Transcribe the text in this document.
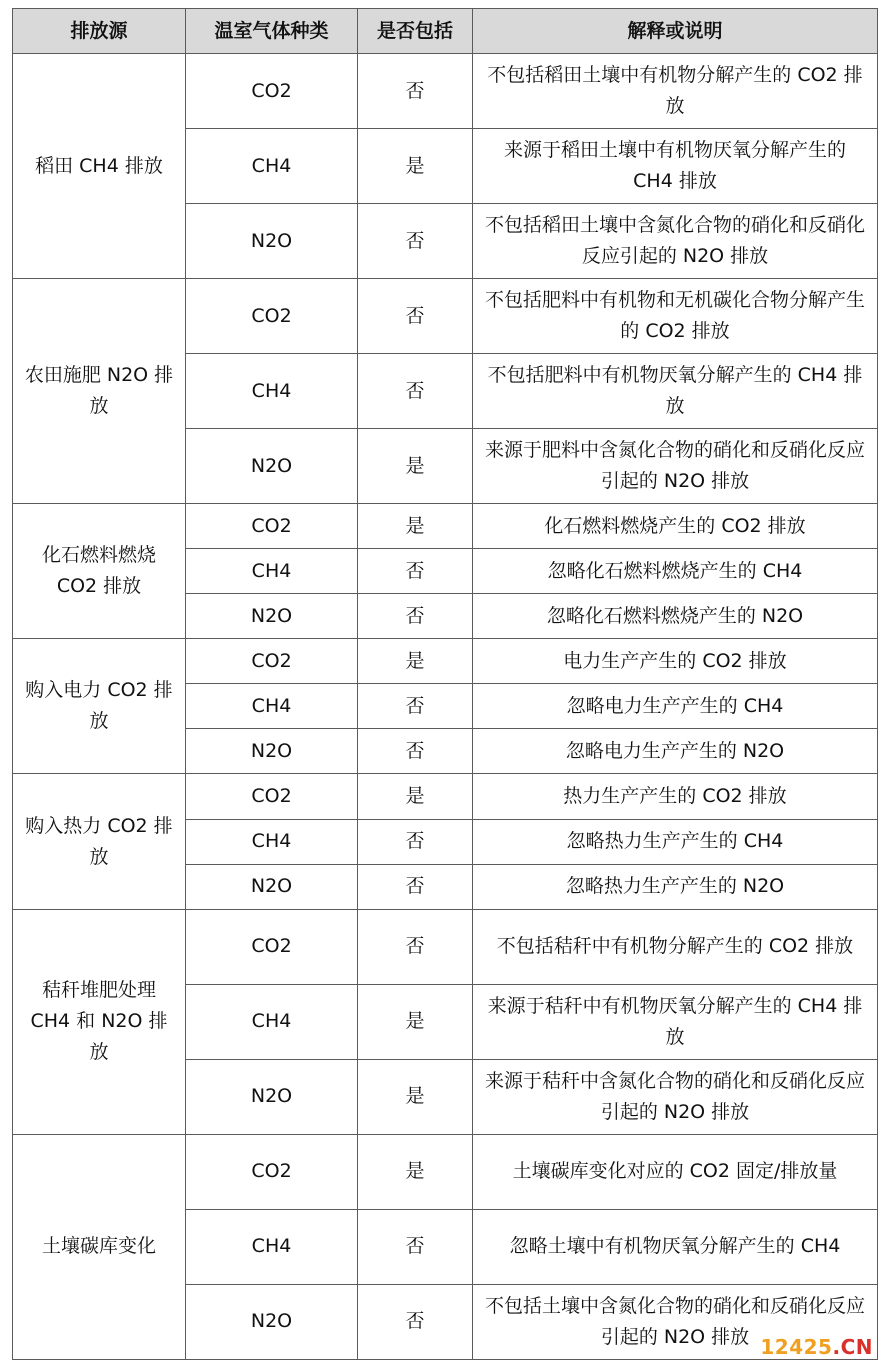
排放源	温室气体种类	是否包括	解释或说明
稻田 CH4 排放	CO2	否	不包括稻田土壤中有机物分解产生的 CO2 排放
	CH4	是	来源于稻田土壤中有机物厌氧分解产生的 CH4 排放
	N2O	否	不包括稻田土壤中含氮化合物的硝化和反硝化反应引起的 N2O 排放
农田施肥 N2O 排放	CO2	否	不包括肥料中有机物和无机碳化合物分解产生的 CO2 排放
	CH4	否	不包括肥料中有机物厌氧分解产生的 CH4 排放
	N2O	是	来源于肥料中含氮化合物的硝化和反硝化反应引起的 N2O 排放
化石燃料燃烧 CO2 排放	CO2	是	化石燃料燃烧产生的 CO2 排放
	CH4	否	忽略化石燃料燃烧产生的 CH4
	N2O	否	忽略化石燃料燃烧产生的 N2O
购入电力 CO2 排放	CO2	是	电力生产产生的 CO2 排放
	CH4	否	忽略电力生产产生的 CH4
	N2O	否	忽略电力生产产生的 N2O
购入热力 CO2 排放	CO2	是	热力生产产生的 CO2 排放
	CH4	否	忽略热力生产产生的 CH4
	N2O	否	忽略热力生产产生的 N2O
秸秆堆肥处理 CH4 和 N2O 排放	CO2	否	不包括秸秆中有机物分解产生的 CO2 排放
	CH4	是	来源于秸秆中有机物厌氧分解产生的 CH4 排放
	N2O	是	来源于秸秆中含氮化合物的硝化和反硝化反应引起的 N2O 排放
土壤碳库变化	CO2	是	土壤碳库变化对应的 CO2 固定/排放量
	CH4	否	忽略土壤中有机物厌氧分解产生的 CH4
	N2O	否	不包括土壤中含氮化合物的硝化和反硝化反应引起的 N2O 排放 12425 .CN
